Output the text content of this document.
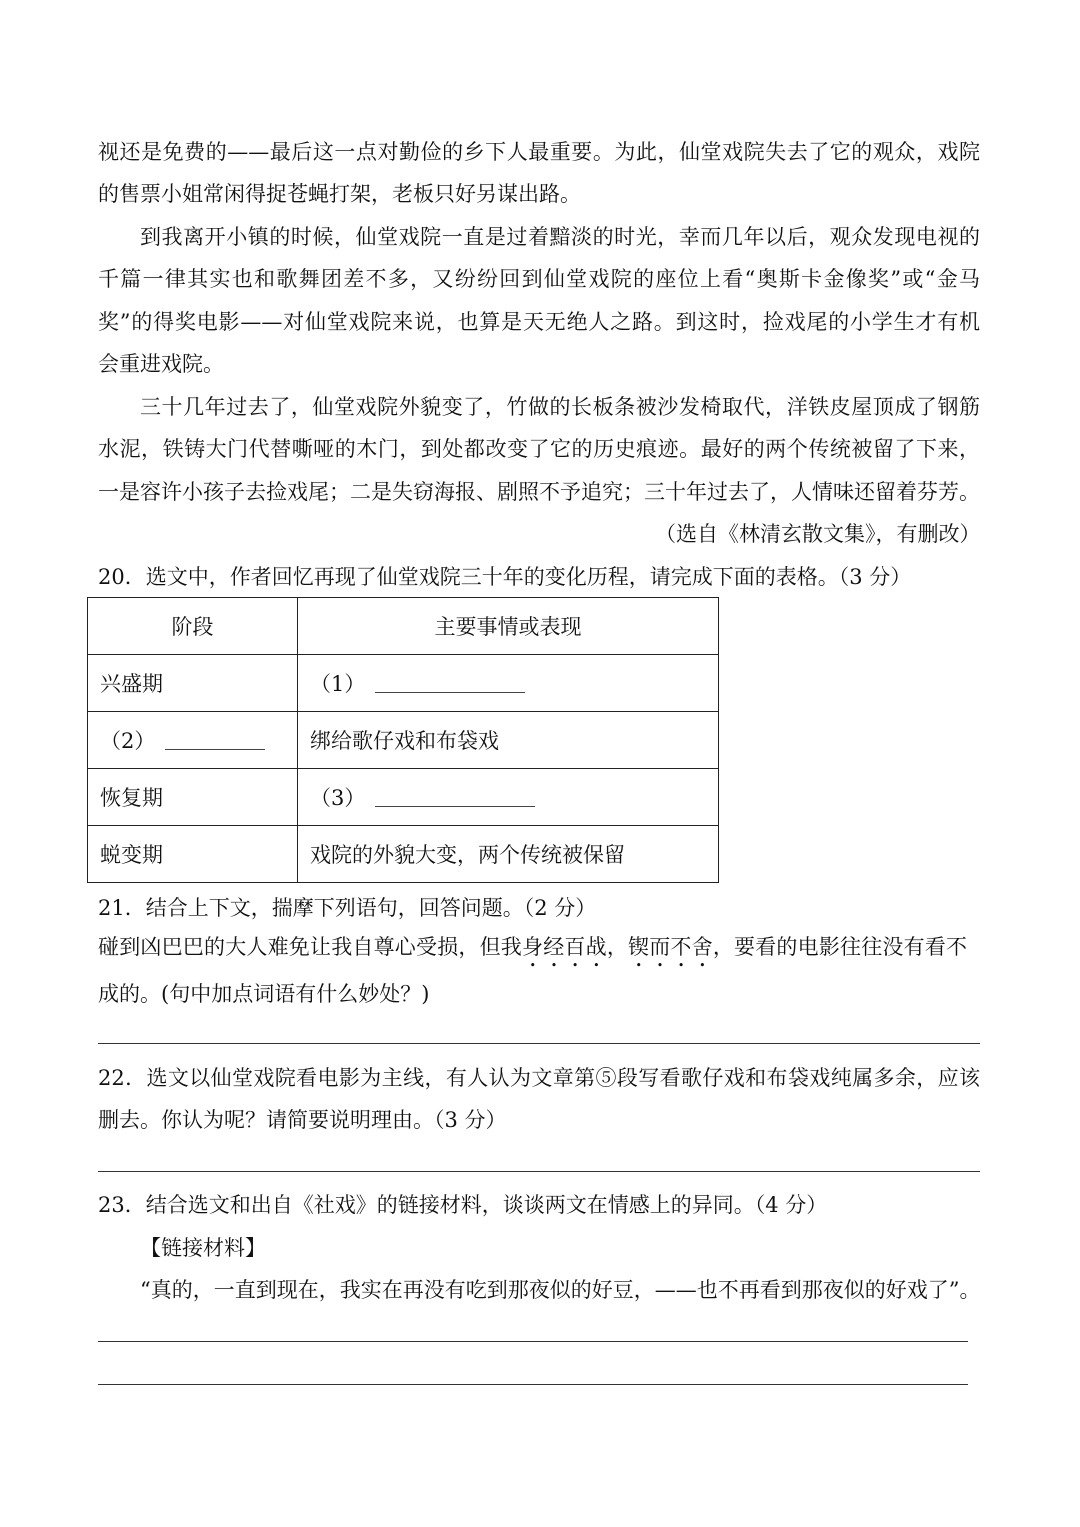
视还是免费的——最后这一点对勤俭的乡下人最重要。为此，仙堂戏院失去了它的观众，戏院
的售票小姐常闲得捉苍蝇打架，老板只好另谋出路。
到我离开小镇的时候，仙堂戏院一直是过着黯淡的时光，幸而几年以后，观众发现电视的
千篇一律其实也和歌舞团差不多，又纷纷回到仙堂戏院的座位上看“奥斯卡金像奖”或“金马
奖”的得奖电影——对仙堂戏院来说，也算是天无绝人之路。到这时，捡戏尾的小学生才有机
会重进戏院。
三十几年过去了，仙堂戏院外貌变了，竹做的长板条被沙发椅取代，洋铁皮屋顶成了钢筋
水泥，铁铸大门代替嘶哑的木门，到处都改变了它的历史痕迹。最好的两个传统被留了下来，
一是容许小孩子去捡戏尾；二是失窃海报、剧照不予追究；三十年过去了，人情味还留着芬芳。
（选自《林清玄散文集》，有删改）
20．选文中，作者回忆再现了仙堂戏院三十年的变化历程，请完成下面的表格。（3 分）
阶段	主要事情或表现
兴盛期	（1）
（2）	绑给歌仔戏和布袋戏
恢复期	（3）
蜕变期	戏院的外貌大变，两个传统被保留
21．结合上下文，揣摩下列语句，回答问题。（2 分）
碰到凶巴巴的大人难免让我自尊心受损，但我身经百战，锲而不舍，要看的电影往往没有看不
成的。(句中加点词语有什么妙处？)
22．选文以仙堂戏院看电影为主线，有人认为文章第⑤段写看歌仔戏和布袋戏纯属多余，应该
删去。你认为呢？请简要说明理由。（3 分）
23．结合选文和出自《社戏》的链接材料，谈谈两文在情感上的异同。（4 分）
【链接材料】
“真的，一直到现在，我实在再没有吃到那夜似的好豆，——也不再看到那夜似的好戏了”。
